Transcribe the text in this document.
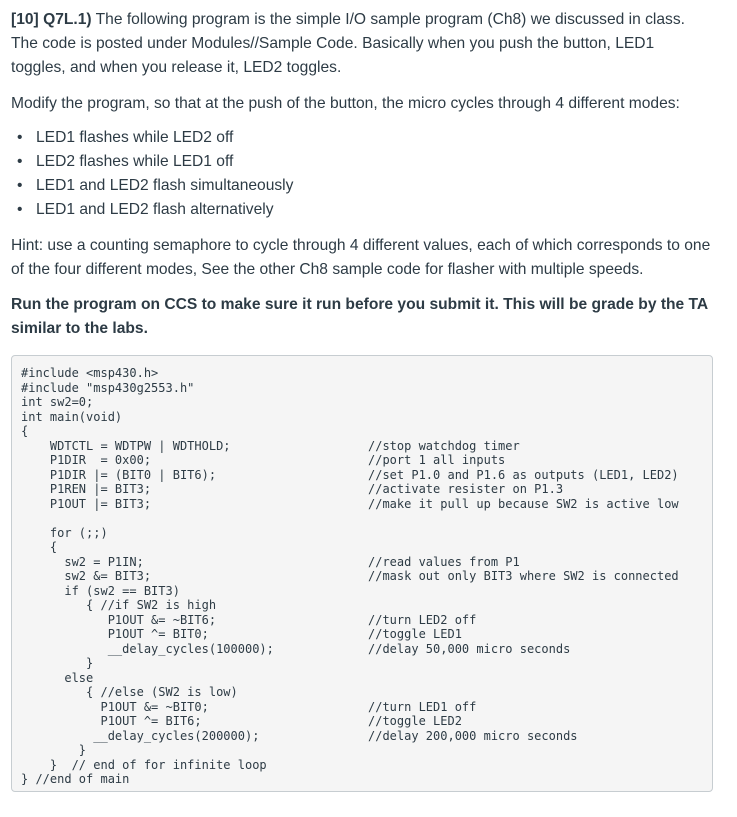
[10] Q7L.1) The following program is the simple I/O sample program (Ch8) we discussed in class. The code is posted under Modules//Sample Code. Basically when you push the button, LED1 toggles, and when you release it, LED2 toggles.

Modify the program, so that at the push of the button, the micro cycles through 4 different modes:

• LED1 flashes while LED2 off
• LED2 flashes while LED1 off
• LED1 and LED2 flash simultaneously
• LED1 and LED2 flash alternatively

Hint: use a counting semaphore to cycle through 4 different values, each of which corresponds to one of the four different modes, See the other Ch8 sample code for flasher with multiple speeds.

Run the program on CCS to make sure it run before you submit it. This will be grade by the TA similar to the labs.

#include <msp430.h>
#include "msp430g2553.h"
int sw2=0;
int main(void)
{
WDTCTL = WDTPW | WDTHOLD;
P1DIR  = 0x00;
P1DIR |= (BIT0 | BIT6);
P1REN |= BIT3;
P1OUT |= BIT3;
for (;;)
{
sw2 = P1IN;
sw2 &= BIT3;
if (sw2 == BIT3)
{ //if SW2 is high
P1OUT &= ~BIT6;
P1OUT ^= BIT0;
__delay_cycles(100000);
}
else
{ //else (SW2 is low)
P1OUT &= ~BIT0;
P1OUT ^= BIT6;
__delay_cycles(200000);
}
}  // end of for infinite loop
} //end of main
//stop watchdog timer
//port 1 all inputs
//set P1.0 and P1.6 as outputs (LED1, LED2)
//activate resister on P1.3
//make it pull up because SW2 is active low
//read values from P1
//mask out only BIT3 where SW2 is connected
//turn LED2 off
//toggle LED1
//delay 50,000 micro seconds
//turn LED1 off
//toggle LED2
//delay 200,000 micro seconds
